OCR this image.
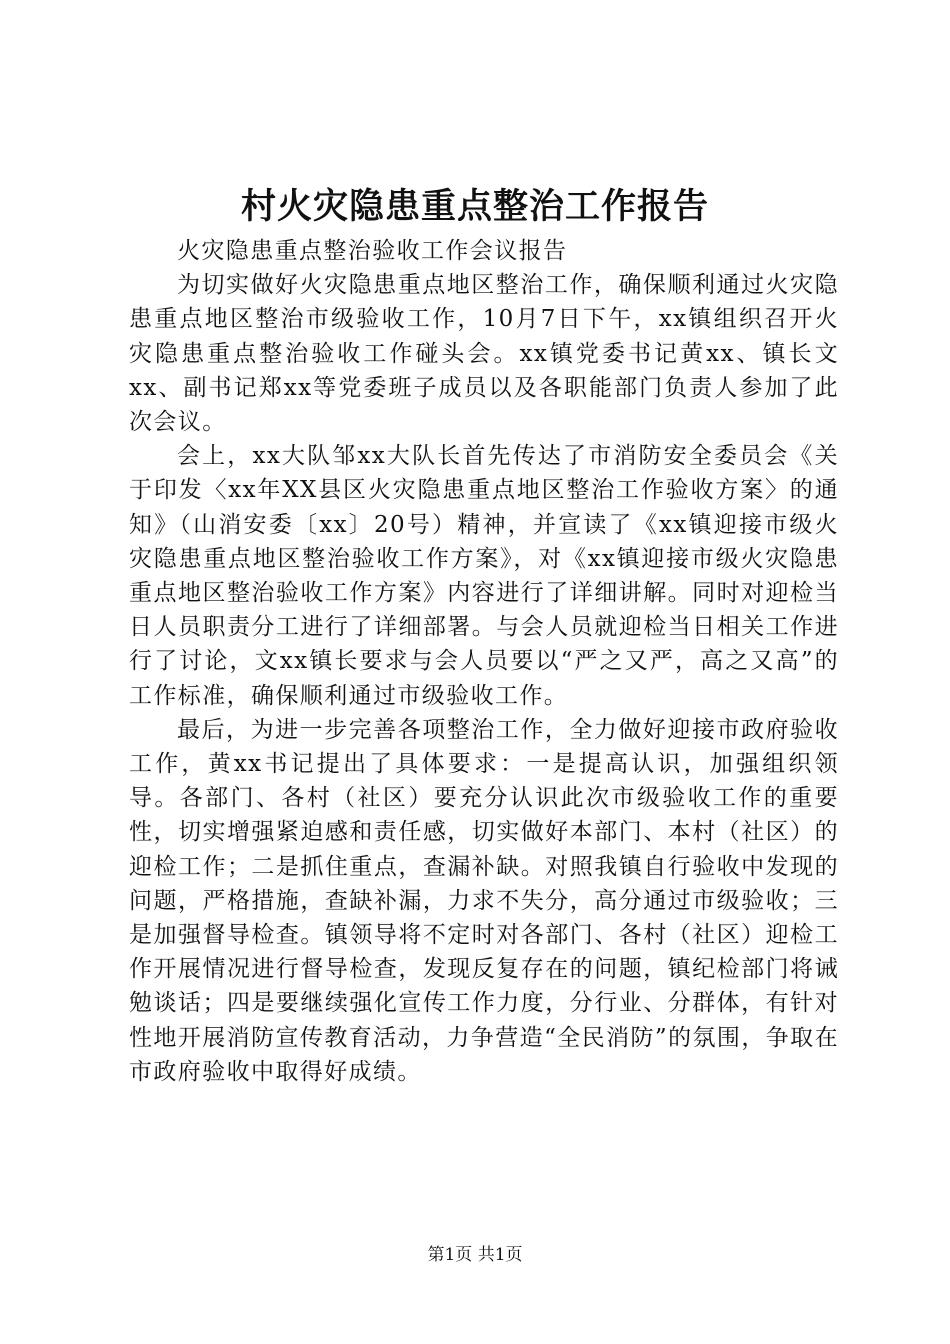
村火灾隐患重点整治工作报告

火灾隐患重点整治验收工作会议报告

为切实做好火灾隐患重点地区整治工作，确保顺利通过火灾隐患重点地区整治市级验收工作，10月7日下午，xx镇组织召开火灾隐患重点整治验收工作碰头会。xx镇党委书记黄xx、镇长文xx、副书记郑xx等党委班子成员以及各职能部门负责人参加了此次会议。

会上，xx大队邹xx大队长首先传达了市消防安全委员会《关于印发〈xx年XX县区火灾隐患重点地区整治工作验收方案〉的通知》（山消安委〔xx〕20号）精神，并宣读了《xx镇迎接市级火灾隐患重点地区整治验收工作方案》，对《xx镇迎接市级火灾隐患重点地区整治验收工作方案》内容进行了详细讲解。同时对迎检当日人员职责分工进行了详细部署。与会人员就迎检当日相关工作进行了讨论，文xx镇长要求与会人员要以“严之又严，高之又高”的工作标准，确保顺利通过市级验收工作。

最后，为进一步完善各项整治工作，全力做好迎接市政府验收工作，黄xx书记提出了具体要求：一是提高认识，加强组织领导。各部门、各村（社区）要充分认识此次市级验收工作的重要性，切实增强紧迫感和责任感，切实做好本部门、本村（社区）的迎检工作；二是抓住重点，查漏补缺。对照我镇自行验收中发现的问题，严格措施，查缺补漏，力求不失分，高分通过市级验收；三是加强督导检查。镇领导将不定时对各部门、各村（社区）迎检工作开展情况进行督导检查，发现反复存在的问题，镇纪检部门将诫勉谈话；四是要继续强化宣传工作力度，分行业、分群体，有针对性地开展消防宣传教育活动，力争营造“全民消防”的氛围，争取在市政府验收中取得好成绩。

第1页 共1页
